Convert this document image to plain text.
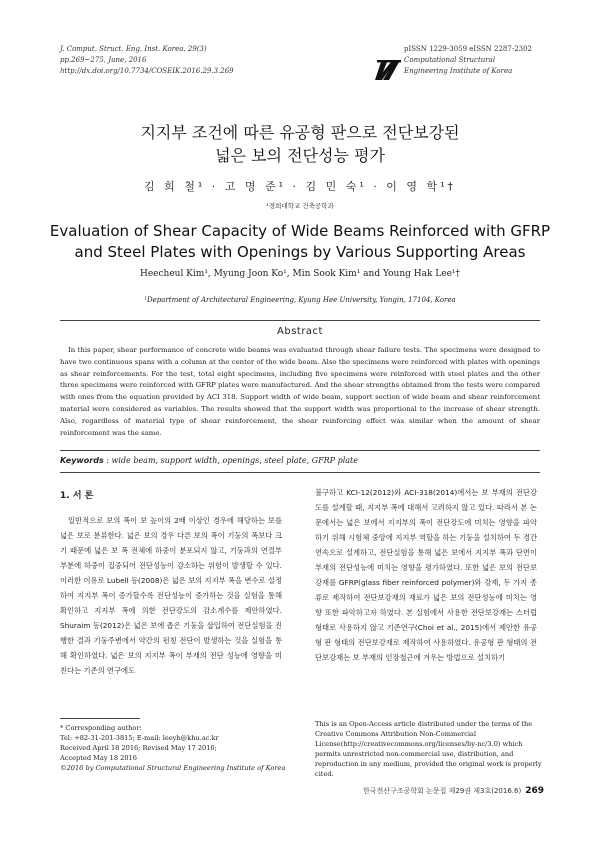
J. Comput. Struct. Eng. Inst. Korea, 29(3)
pp.269~275, June, 2016
http://dx.doi.org/10.7734/COSEIK.2016.29.3.269
pISSN 1229-3059 eISSN 2287-2302
Computational Structural
Engineering Institute of Korea
지지부 조건에 따른 유공형 판으로 전단보강된
넓은 보의 전단성능 평가
김 희 철¹ · 고 명 준¹ · 김 민 숙¹ · 이 영 학¹†
¹경희대학교 건축공학과
Evaluation of Shear Capacity of Wide Beams Reinforced with GFRP
and Steel Plates with Openings by Various Supporting Areas
Heecheul Kim¹, Myung Joon Ko¹, Min Sook Kim¹ and Young Hak Lee¹†
¹Department of Architectural Engineering, Kyung Hee University, Yongin, 17104, Korea
Abstract
In this paper, shear performance of concrete wide beams was evaluated through shear failure tests. The specimens were designed to have two continuous spans with a column at the center of the wide beam. Also the specimens were reinforced with plates with openings as shear reinforcements. For the test, total eight specimens, including five specimens were reinforced with steel plates and the other three specimens were reinforced with GFRP plates were manufactured. And the shear strengths obtained from the tests were compared with ones from the equation provided by ACI 318. Support width of wide beam, support section of wide beam and shear reinforcement material were considered as variables. The results showed that the support width was proportional to the increase of shear strength. Also, regardless of material type of shear reinforcement, the shear reinforcing effect was similar when the amount of shear reinforcement was the same.
Keywords : wide beam, support width, openings, steel plate, GFRP plate
1. 서 론
일반적으로 보의 폭이 보 높이의 2배 이상인 경우에 해당하는 보를 넓은 보로 분류한다. 넓은 보의 경우 다른 보의 폭이 기둥의 폭보다 크기 때문에 넓은 보 폭 전체에 하중이 분포되지 않고, 기둥과의 연결부 부분에 하중이 집중되어 전단성능이 감소하는 위험이 발생할 수 있다. 이러한 이유로 Lubell 등(2008)은 넓은 보의 지지부 폭을 변수로 설정하여 지지부 폭이 증가할수록 전단성능이 증가하는 것을 실험을 통해 확인하고 지지부 폭에 의한 전단강도의 감소계수를 제안하였다. Shuraim 등(2012)은 넓은 보에 좁은 기둥을 삽입하여 전단실험을 진행한 결과 기둥주변에서 약간의 펀칭 전단이 발생하는 것을 실험을 통해 확인하였다. 넓은 보의 지지부 폭이 부재의 전단 성능에 영향을 미친다는 기존의 연구에도
불구하고 KCI-12(2012)와 ACI-318(2014)에서는 보 부재의 전단강도를 설계할 때, 지지부 폭에 대해서 고려하지 않고 있다. 따라서 본 논문에서는 넓은 보에서 지지부의 폭이 전단강도에 미치는 영향을 파악하기 위해 시험체 중앙에 지지부 역할을 하는 기둥을 설치하여 두 경간 연속으로 설계하고, 전단실험을 통해 넓은 보에서 지지부 폭과 단면이 부재의 전단성능에 미치는 영향을 평가하였다. 또한 넓은 보의 전단보강재를 GFRP(glass fiber reinforced polymer)와 강재, 두 가지 종류로 제작하여 전단보강재의 재료가 넓은 보의 전단성능에 미치는 영향 또한 파악하고자 하였다. 본 실험에서 사용한 전단보강재는 스터럽 형태로 사용하지 않고 기존연구(Choi et al., 2015)에서 제안한 유공형 판 형태의 전단보강재로 제작하여 사용하였다. 유공형 판 형태의 전단보강재는 보 부재의 인장철근에 겨우는 방법으로 설치하기
* Corresponding author:
Tel: +82-31-201-3815; E-mail: leeyh@khu.ac.kr
Received April 18 2016; Revised May 17 2016;
Accepted May 18 2016
©2016 by Computational Structural Engineering Institute of Korea
This is an Open-Access article distributed under the terms of the Creative Commons Attribution Non-Commercial License(http://creativecommons.org/licenses/by-nc/3.0) which permits unrestricted non-commercial use, distribution, and reproduction in any medium, provided the original work is properly cited.
한국전산구조공학회 논문집 제29권 제3호(2016.6) 269
